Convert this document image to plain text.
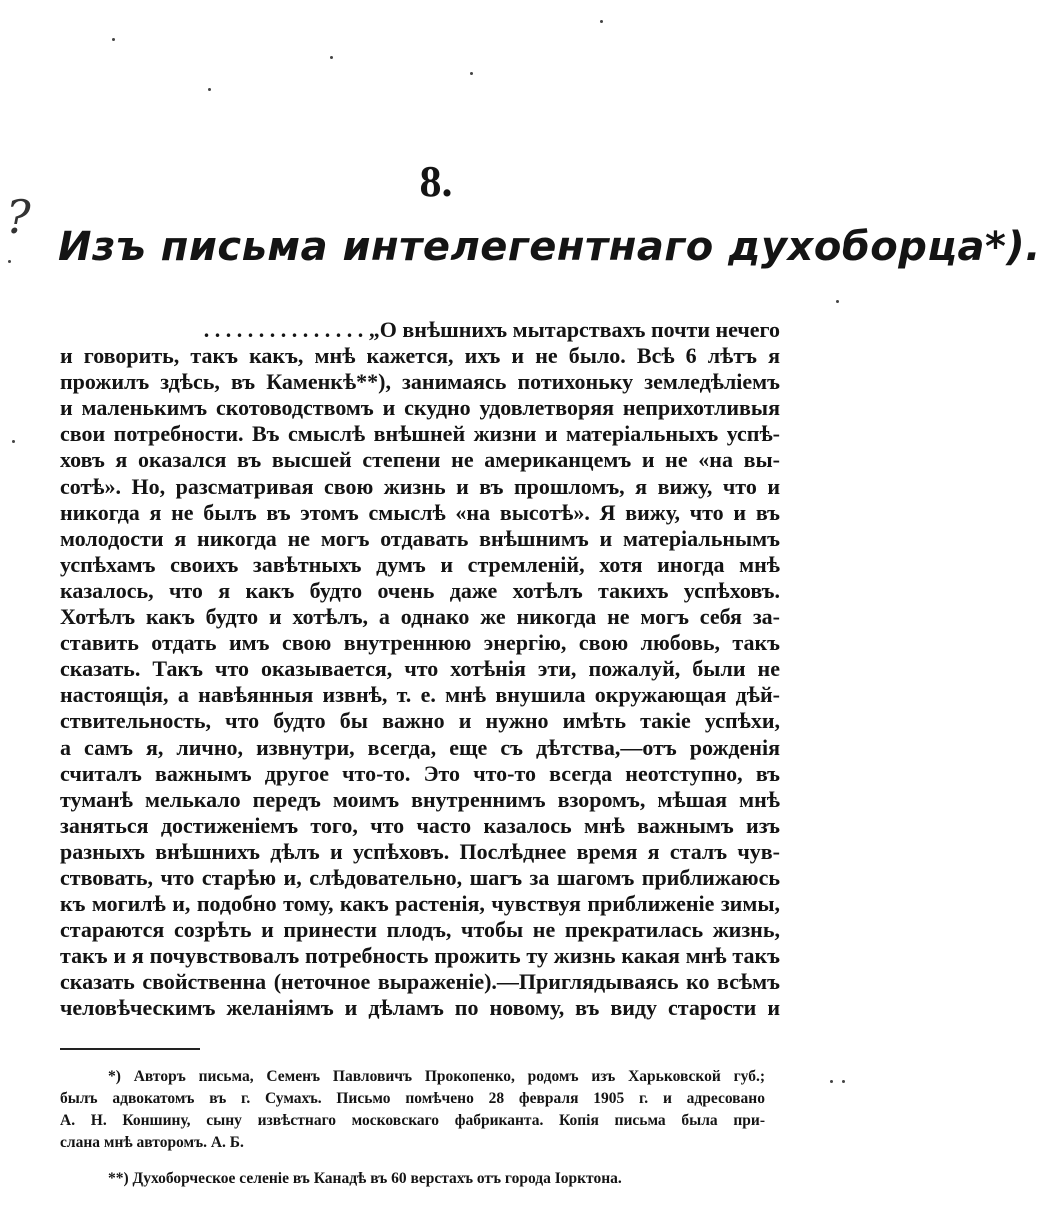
?
8.
Изъ письма интелегентнаго духоборца*).
. . . . . . . . . . . . . . . „О внѣшнихъ мытарствахъ почти нечего
и говорить, такъ какъ, мнѣ кажется, ихъ и не было. Всѣ 6 лѣтъ я
прожилъ здѣсь, въ Каменкѣ**), занимаясь потихоньку земледѣліемъ
и маленькимъ скотоводствомъ и скудно удовлетворяя неприхотливыя
свои потребности. Въ смыслѣ внѣшней жизни и матеріальныхъ успѣ-
ховъ я оказался въ высшей степени не американцемъ и не «на вы-
сотѣ». Но, разсматривая свою жизнь и въ прошломъ, я вижу, что и
никогда я не былъ въ этомъ смыслѣ «на высотѣ». Я вижу, что и въ
молодости я никогда не могъ отдавать внѣшнимъ и матеріальнымъ
успѣхамъ своихъ завѣтныхъ думъ и стремленій, хотя иногда мнѣ
казалось, что я какъ будто очень даже хотѣлъ такихъ успѣховъ.
Хотѣлъ какъ будто и хотѣлъ, а однако же никогда не могъ себя за-
ставить отдать имъ свою внутреннюю энергію, свою любовь, такъ
сказать. Такъ что оказывается, что хотѣнія эти, пожалуй, были не
настоящія, а навѣянныя извнѣ, т. е. мнѣ внушила окружающая дѣй-
ствительность, что будто бы важно и нужно имѣть такіе успѣхи,
а самъ я, лично, извнутри, всегда, еще съ дѣтства,—отъ рожденія
считалъ важнымъ другое что-то. Это что-то всегда неотступно, въ
туманѣ мелькало передъ моимъ внутреннимъ взоромъ, мѣшая мнѣ
заняться достиженіемъ того, что часто казалось мнѣ важнымъ изъ
разныхъ внѣшнихъ дѣлъ и успѣховъ. Послѣднее время я сталъ чув-
ствовать, что старѣю и, слѣдовательно, шагъ за шагомъ приближаюсь
къ могилѣ и, подобно тому, какъ растенія, чувствуя приближеніе зимы,
стараются созрѣть и принести плодъ, чтобы не прекратилась жизнь,
такъ и я почувствовалъ потребность прожить ту жизнь какая мнѣ такъ
сказать свойственна (неточное выраженіе).—Приглядываясь ко всѣмъ
человѣческимъ желаніямъ и дѣламъ по новому, въ виду старости и
*) Авторъ письма, Семенъ Павловичъ Прокопенко, родомъ изъ Харьковской губ.;
былъ адвокатомъ въ г. Сумахъ. Письмо помѣчено 28 февраля 1905 г. и адресовано
А. Н. Коншину, сыну извѣстнаго московскаго фабриканта. Копія письма была при-
слана мнѣ авторомъ. А. Б.
**) Духоборческое селеніе въ Канадѣ въ 60 верстахъ отъ города Іорктона.
